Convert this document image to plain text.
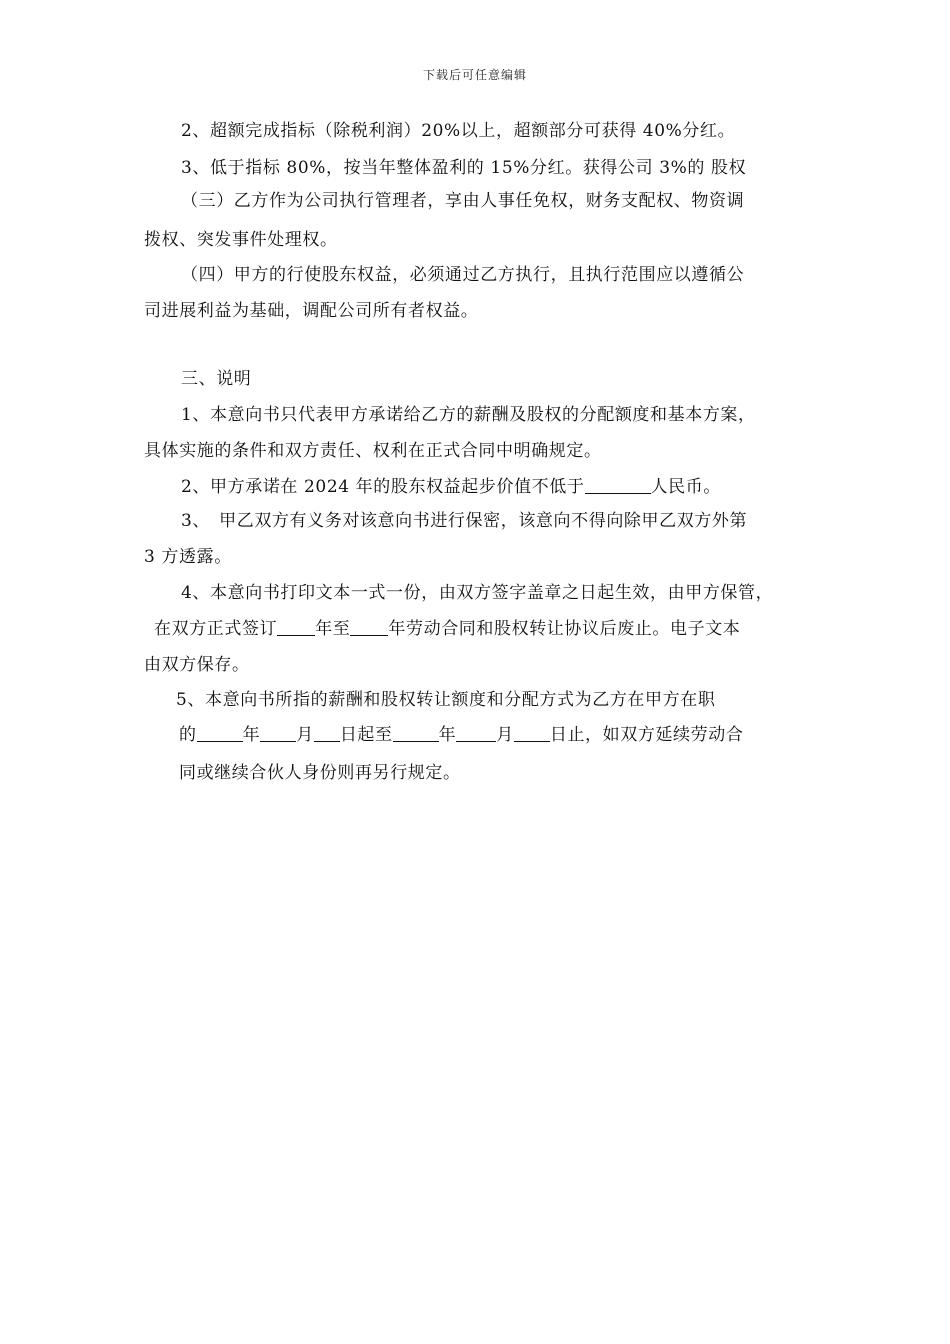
下载后可任意编辑
2、超额完成指标（除税利润）20%以上，超额部分可获得 40%分红。
3、低于指标 80%，按当年整体盈利的 15%分红。获得公司 3%的 股权
（三）乙方作为公司执行管理者，享由人事任免权，财务支配权、物资调
拨权、突发事件处理权。
（四）甲方的行使股东权益，必须通过乙方执行，且执行范围应以遵循公
司进展利益为基础，调配公司所有者权益。
三、说明
1、本意向书只代表甲方承诺给乙方的薪酬及股权的分配额度和基本方案，
具体实施的条件和双方责任、权利在正式合同中明确规定。
2、甲方承诺在 2024 年的股东权益起步价值不低于	人民币。
3、　甲乙双方有义务对该意向书进行保密，该意向不得向除甲乙双方外第
3 方透露。
4、本意向书打印文本一式一份，由双方签字盖章之日起生效，由甲方保管，
在双方正式签订 年至 年劳动合同和股权转让协议后废止。电子文本
由双方保存。
5、本意向书所指的薪酬和股权转让额度和分配方式为乙方在甲方在职
的	年 月 日起至	年 月 日止，如双方延续劳动合
同或继续合伙人身份则再另行规定。
